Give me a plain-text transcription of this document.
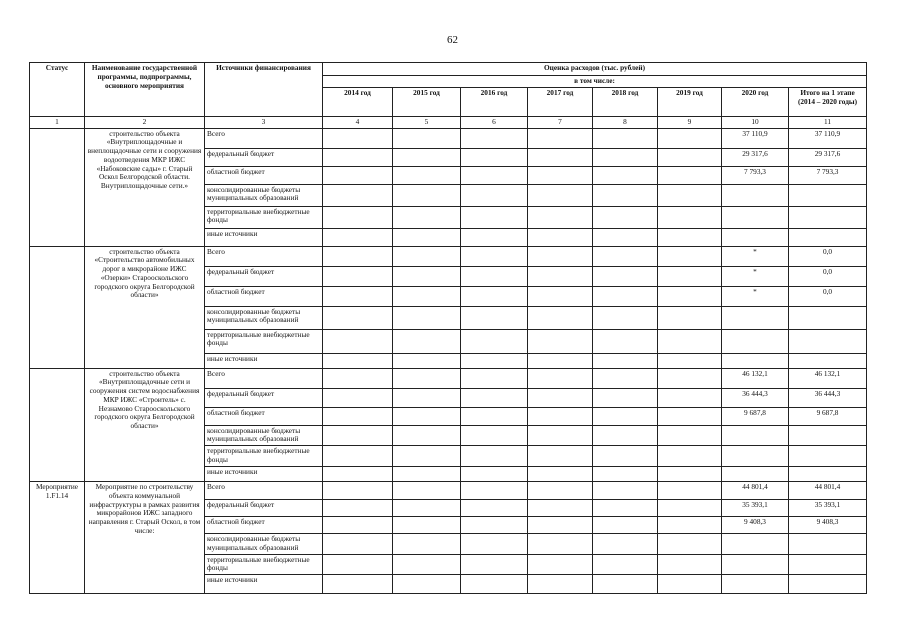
62
Статус	Наименование государственной программы, подпрограммы, основного мероприятия	Источники финансирования	Оценка расходов (тыс. рублей)							
			в том числе:							
			2014 год	2015 год	2016 год	2017 год	2018 год	2019 год	2020 год	Итого на 1 этапе (2014 – 2020 годы)
1	2	3	4	5	6	7	8	9	10	11
	строительство объекта «Внутриплощадочные и внеплощадочные сети и сооружения водоотведения МКР ИЖС «Набоковские сады» г. Старый Оскол Белгородской области. Внутриплощадочные сети.»	Всего							37 110,9	37 110,9
		федеральный бюджет							29 317,6	29 317,6
		областной бюджет							7 793,3	7 793,3
		консолидированные бюджеты муниципальных образований								
		территориальные внебюджетные фонды								
		иные источники								
	строительство объекта «Строительство автомобильных дорог в микрорайоне ИЖС «Озерки» Старооскольского городского округа Белгородской области»	Всего							*	0,0
		федеральный бюджет							*	0,0
		областной бюджет							*	0,0
		консолидированные бюджеты муниципальных образований								
		территориальные внебюджетные фонды								
		иные источники								
	строительство объекта «Внутриплощадочные сети и сооружения систем водоснабжения МКР ИЖС «Строитель» с. Незнамово Старооскольского городского округа Белгородской области»	Всего							46 132,1	46 132,1
		федеральный бюджет							36 444,3	36 444,3
		областной бюджет							9 687,8	9 687,8
		консолидированные бюджеты муниципальных образований								
		территориальные внебюджетные фонды								
		иные источники								
Мероприятие 1.F1.14	Мероприятие по строительству объекта коммунальной инфраструктуры в рамках развития микрорайонов ИЖС западного направления г. Старый Оскол, в том числе:	Всего							44 801,4	44 801,4
		федеральный бюджет							35 393,1	35 393,1
		областной бюджет							9 408,3	9 408,3
		консолидированные бюджеты муниципальных образований								
		территориальные внебюджетные фонды								
		иные источники								
